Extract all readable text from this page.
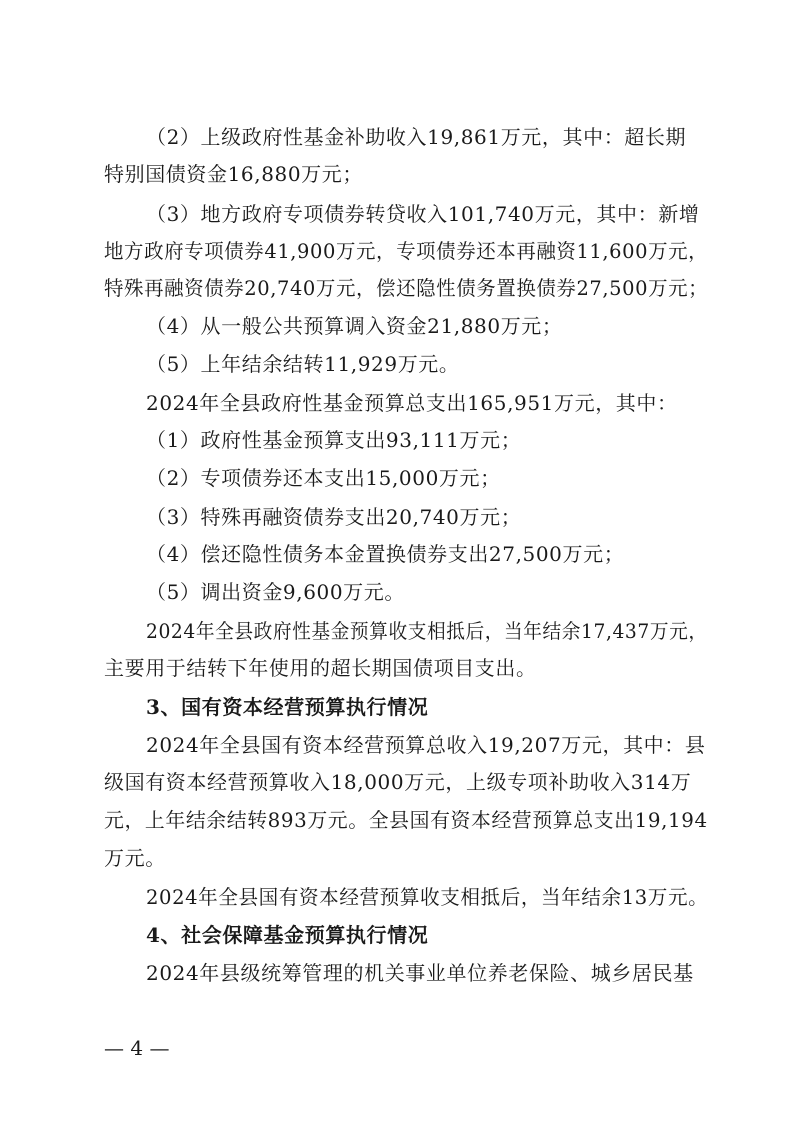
（2）上级政府性基金补助收入19,861万元，其中：超长期
特别国债资金16,880万元；
（3）地方政府专项债券转贷收入101,740万元，其中：新增
地方政府专项债券41,900万元，专项债券还本再融资11,600万元，
特殊再融资债券20,740万元，偿还隐性债务置换债券27,500万元；
（4）从一般公共预算调入资金21,880万元；
（5）上年结余结转11,929万元。
2024年全县政府性基金预算总支出165,951万元，其中：
（1）政府性基金预算支出93,111万元；
（2）专项债券还本支出15,000万元；
（3）特殊再融资债券支出20,740万元；
（4）偿还隐性债务本金置换债券支出27,500万元；
（5）调出资金9,600万元。
2024年全县政府性基金预算收支相抵后，当年结余17,437万元，
主要用于结转下年使用的超长期国债项目支出。
3、国有资本经营预算执行情况
2024年全县国有资本经营预算总收入19,207万元，其中：县
级国有资本经营预算收入18,000万元，上级专项补助收入314万
元，上年结余结转893万元。全县国有资本经营预算总支出19,194
万元。
2024年全县国有资本经营预算收支相抵后，当年结余13万元。
4、社会保障基金预算执行情况
2024年县级统筹管理的机关事业单位养老保险、城乡居民基
— 4 —
